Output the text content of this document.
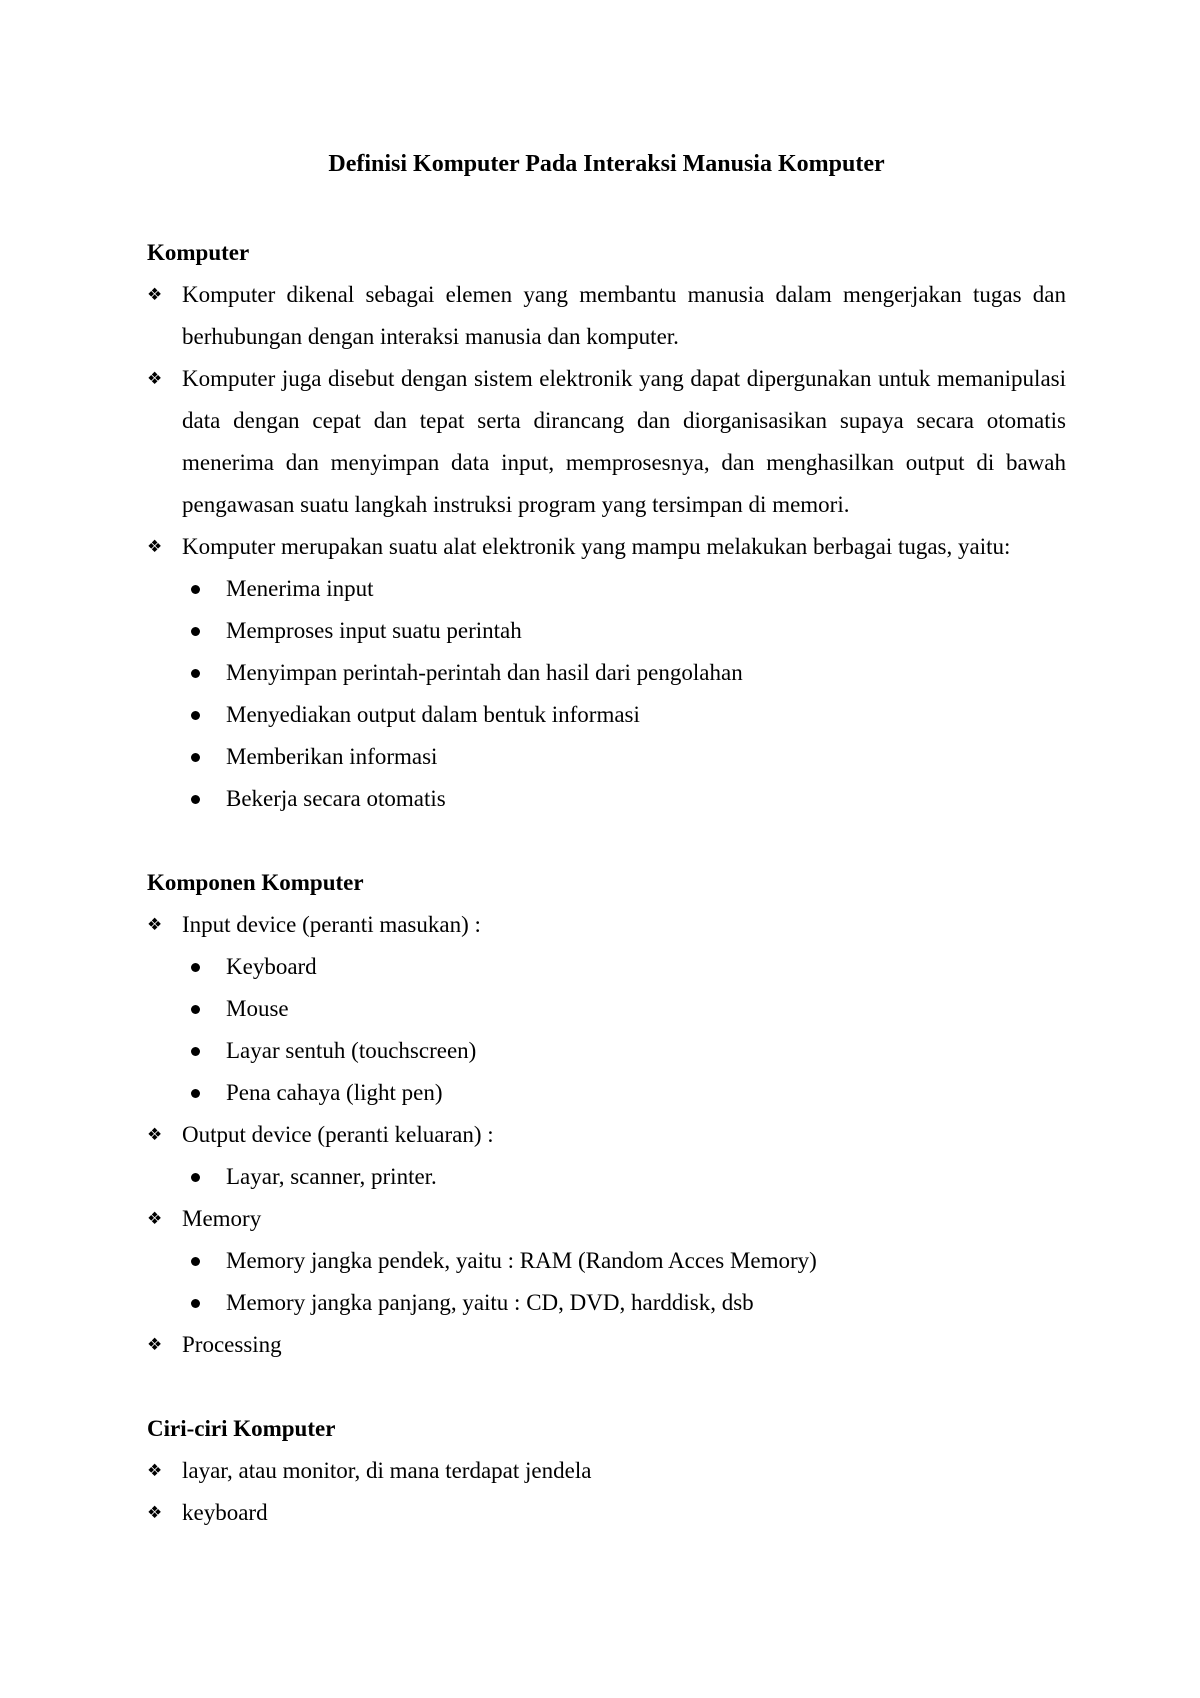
Definisi Komputer Pada Interaksi Manusia Komputer
Komputer
❖ Komputer dikenal sebagai elemen yang membantu manusia dalam mengerjakan tugas dan berhubungan dengan interaksi manusia dan komputer.
❖ Komputer juga disebut dengan sistem elektronik yang dapat dipergunakan untuk memanipulasi data dengan cepat dan tepat serta dirancang dan diorganisasikan supaya secara otomatis menerima dan menyimpan data input, memprosesnya, dan menghasilkan output di bawah pengawasan suatu langkah instruksi program yang tersimpan di memori.
❖ Komputer merupakan suatu alat elektronik yang mampu melakukan berbagai tugas, yaitu:
Menerima input
Memproses input suatu perintah
Menyimpan perintah-perintah dan hasil dari pengolahan
Menyediakan output dalam bentuk informasi
Memberikan informasi
Bekerja secara otomatis
Komponen Komputer
❖ Input device (peranti masukan) :
Keyboard
Mouse
Layar sentuh (touchscreen)
Pena cahaya (light pen)
❖ Output device (peranti keluaran) :
Layar, scanner, printer.
❖ Memory
Memory jangka pendek, yaitu : RAM (Random Acces Memory)
Memory jangka panjang, yaitu : CD, DVD, harddisk, dsb
❖ Processing
Ciri-ciri Komputer
❖ layar, atau monitor, di mana terdapat jendela
❖ keyboard
